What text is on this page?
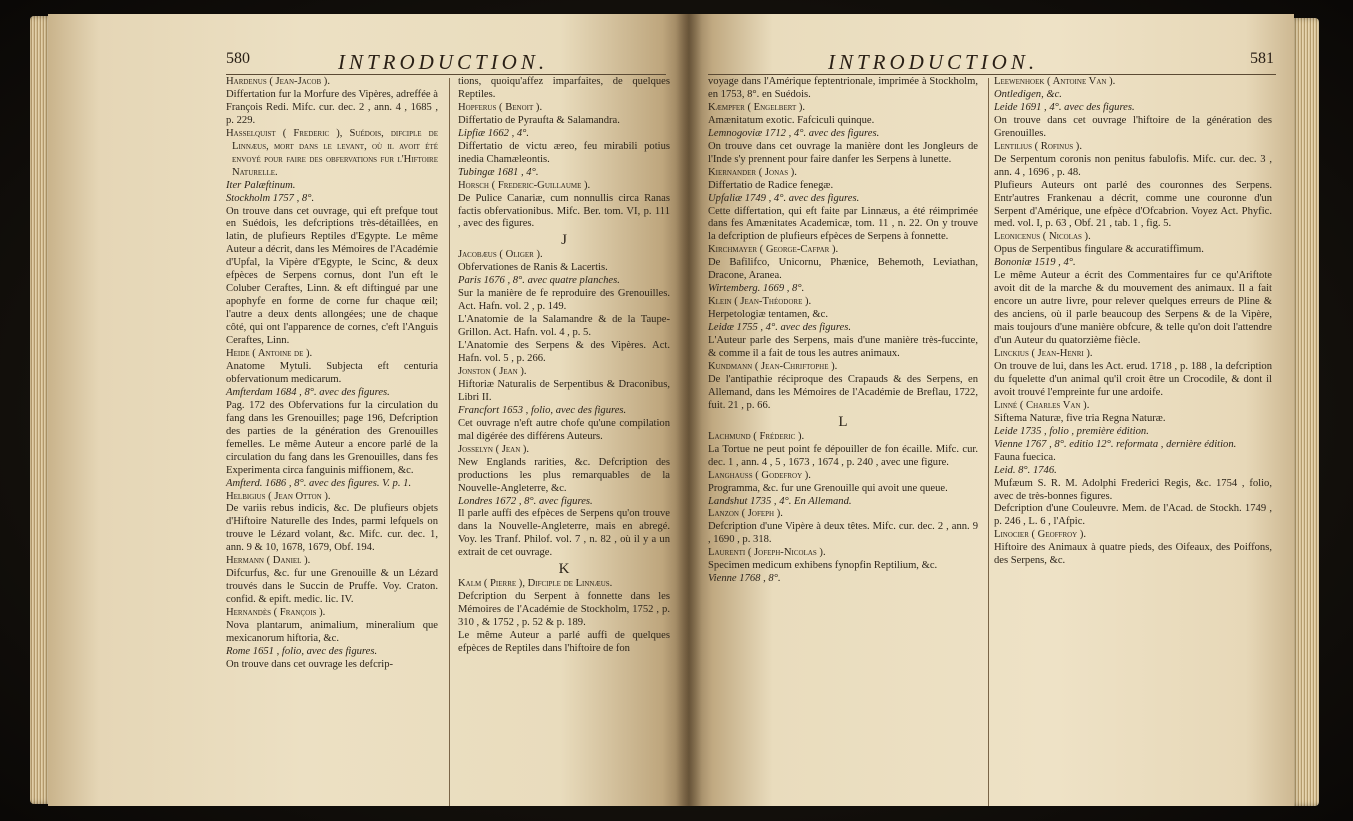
580	INTRODUCTION.

Hardenus ( Jean-Jacob ).

Differtation fur la Morfure des Vipères, adreffée à François Redi. Mifc. cur. dec. 2 , ann. 4 , 1685 , p. 229.

Hasselquist ( Frederic ), Suédois, difciple de Linnæus, mort dans le levant, où il avoit été envoyé pour faire des obfervations fur l'Hiftoire Naturelle.

Iter Palæftinum.

Stockholm 1757 , 8°.

On trouve dans cet ouvrage, qui eft prefque tout en Suédois, les defcriptions très-détaillées, en latin, de plufieurs Reptiles d'Egypte. Le même Auteur a décrit, dans les Mémoires de l'Académie d'Upfal, la Vipère d'Egypte, le Scinc, & deux efpèces de Serpens cornus, dont l'un eft le Coluber Ceraftes, Linn. & eft diftingué par une apophyfe en forme de corne fur chaque œil; l'autre a deux dents allongées; une de chaque côté, qui ont l'apparence de cornes, c'eft l'Anguis Ceraftes, Linn.

Heide ( Antoine de ).

Anatome Mytuli. Subjecta eft centuria obfervationum medicarum.

Amfterdam 1684 , 8°. avec des figures.

Pag. 172 des Obfervations fur la circulation du fang dans les Grenouilles; page 196, Defcription des parties de la génération des Grenouilles femelles. Le même Auteur a encore parlé de la circulation du fang dans les Grenouilles, dans fes Experimenta circa fanguinis miffionem, &c.

Amfterd. 1686 , 8°. avec des figures. V. p. 1.

Helbigius ( Jean Otton ).

De variis rebus indicis, &c. De plufieurs objets d'Hiftoire Naturelle des Indes, parmi lefquels on trouve le Lézard volant, &c. Mifc. cur. dec. 1, ann. 9 & 10, 1678, 1679, Obf. 194.

Hermann ( Daniel ).

Difcurfus, &c. fur une Grenouille & un Lézard trouvés dans le Succin de Pruffe. Voy. Craton. confid. & epift. medic. lic. IV.

Hernandès ( François ).

Nova plantarum, animalium, mineralium que mexicanorum hiftoria, &c.

Rome 1651 , folio, avec des figures.

On trouve dans cet ouvrage les defcrip-

tions, quoiqu'affez imparfaites, de quelques Reptiles.

Hopferus ( Benoit ).

Differtatio de Pyraufta & Salamandra.

Lipfiæ 1662 , 4°.

Differtatio de victu æreo, feu mirabili potius inedia Chamæleontis.

Tubingæ 1681 , 4°.

Horsch ( Frederic-Guillaume ).

De Pulice Canariæ, cum nonnullis circa Ranas factis obfervationibus. Mifc. Ber. tom. VI, p. 111 , avec des figures.

J

Jacobæus ( Oliger ).

Obfervationes de Ranis & Lacertis.

Paris 1676 , 8°. avec quatre planches.

Sur la manière de fe reproduire des Grenouilles. Act. Hafn. vol. 2 , p. 149.

L'Anatomie de la Salamandre & de la Taupe-Grillon. Act. Hafn. vol. 4 , p. 5.

L'Anatomie des Serpens & des Vipères. Act. Hafn. vol. 5 , p. 266.

Jonston ( Jean ).

Hiftoriæ Naturalis de Serpentibus & Draconibus, Libri II.

Francfort 1653 , folio, avec des figures.

Cet ouvrage n'eft autre chofe qu'une compilation mal digérée des différens Auteurs.

Josselyn ( Jean ).

New Englands rarities, &c. Defcription des productions les plus remarquables de la Nouvelle-Angleterre, &c.

Londres 1672 , 8°. avec figures.

Il parle auffi des efpèces de Serpens qu'on trouve dans la Nouvelle-Angleterre, mais en abregé. Voy. les Tranf. Philof. vol. 7 , n. 82 , où il y a un extrait de cet ouvrage.

K

Kalm ( Pierre ), Difciple de Linnæus.

Defcription du Serpent à fonnette dans les Mémoires de l'Académie de Stockholm, 1752 , p. 310 , & 1752 , p. 52 & p. 189.

Le même Auteur a parlé auffi de quelques efpèces de Reptiles dans l'hiftoire de fon

INTRODUCTION.	581

voyage dans l'Amérique feptentrionale, imprimée à Stockholm, en 1753, 8°. en Suédois.

Kæmpfer ( Engelbert ).

Amænitatum exotic. Fafciculi quinque.

Lemnogoviæ 1712 , 4°. avec des figures.

On trouve dans cet ouvrage la manière dont les Jongleurs de l'Inde s'y prennent pour faire danfer les Serpens à lunette.

Kiernander ( Jonas ).

Differtatio de Radice fenegæ.

Upfaliæ 1749 , 4°. avec des figures.

Cette differtation, qui eft faite par Linnæus, a été réimprimée dans fes Amænitates Academicæ, tom. 11 , n. 22. On y trouve la defcription de plufieurs efpèces de Serpens à fonnette.

Kirchmayer ( George-Cafpar ).

De Bafilifco, Unicornu, Phænice, Behemoth, Leviathan, Dracone, Aranea.

Wirtemberg. 1669 , 8°.

Klein ( Jean-Théodore ).

Herpetologiæ tentamen, &c.

Leidæ 1755 , 4°. avec des figures.

L'Auteur parle des Serpens, mais d'une manière très-fuccinte, & comme il a fait de tous les autres animaux.

Kundmann ( Jean-Chriftophe ).

De l'antipathie réciproque des Crapauds & des Serpens, en Allemand, dans les Mémoires de l'Académie de Breflau, 1722, fuit. 21 , p. 66.

L

Lachmund ( Fréderic ).

La Tortue ne peut point fe dépouiller de fon écaille. Mifc. cur. dec. 1 , ann. 4 , 5 , 1673 , 1674 , p. 240 , avec une figure.

Langhauss ( Godefroy ).

Programma, &c. fur une Grenouille qui avoit une queue.

Landshut 1735 , 4°. En Allemand.

Lanzon ( Jofeph ).

Defcription d'une Vipère à deux têtes. Mifc. cur. dec. 2 , ann. 9 , 1690 , p. 318.

Laurenti ( Jofeph-Nicolas ).

Specimen medicum exhibens fynopfin Reptilium, &c.

Vienne 1768 , 8°.

Leewenhoek ( Antoine Van ).

Ontledigen, &c.

Leide 1691 , 4°. avec des figures.

On trouve dans cet ouvrage l'hiftoire de la génération des Grenouilles.

Lentilius ( Rofinus ).

De Serpentum coronis non penitus fabulofis. Mifc. cur. dec. 3 , ann. 4 , 1696 , p. 48.

Plufieurs Auteurs ont parlé des couronnes des Serpens. Entr'autres Frankenau a décrit, comme une couronne d'un Serpent d'Amérique, une efpèce d'Ofcabrion. Voyez Act. Phyfic. med. vol. I, p. 63 , Obf. 21 , tab. 1 , fig. 5.

Leonicenus ( Nicolas ).

Opus de Serpentibus fingulare & accuratiffimum.

Bononiæ 1519 , 4°.

Le même Auteur a écrit des Commentaires fur ce qu'Ariftote avoit dit de la marche & du mouvement des animaux. Il a fait encore un autre livre, pour relever quelques erreurs de Pline & des anciens, où il parle beaucoup des Serpens & de la Vipère, mais toujours d'une manière obfcure, & telle qu'on doit l'attendre d'un Auteur du quatorzième fiècle.

Linckius ( Jean-Henri ).

On trouve de lui, dans les Act. erud. 1718 , p. 188 , la defcription du fquelette d'un animal qu'il croit être un Crocodile, & dont il avoit trouvé l'empreinte fur une ardoife.

Linné ( Charles Van ).

Siftema Naturæ, five tria Regna Naturæ.

Leide 1735 , folio , première édition.

Vienne 1767 , 8°. editio 12°. reformata , dernière édition.

Fauna fuecica.

Leid. 8°. 1746.

Mufæum S. R. M. Adolphi Frederici Regis, &c. 1754 , folio, avec de très-bonnes figures.

Defcription d'une Couleuvre. Mem. de l'Acad. de Stockh. 1749 , p. 246 , L. 6 , l'Afpic.

Linocier ( Geoffroy ).

Hiftoire des Animaux à quatre pieds, des Oifeaux, des Poiffons, des Serpens, &c.
